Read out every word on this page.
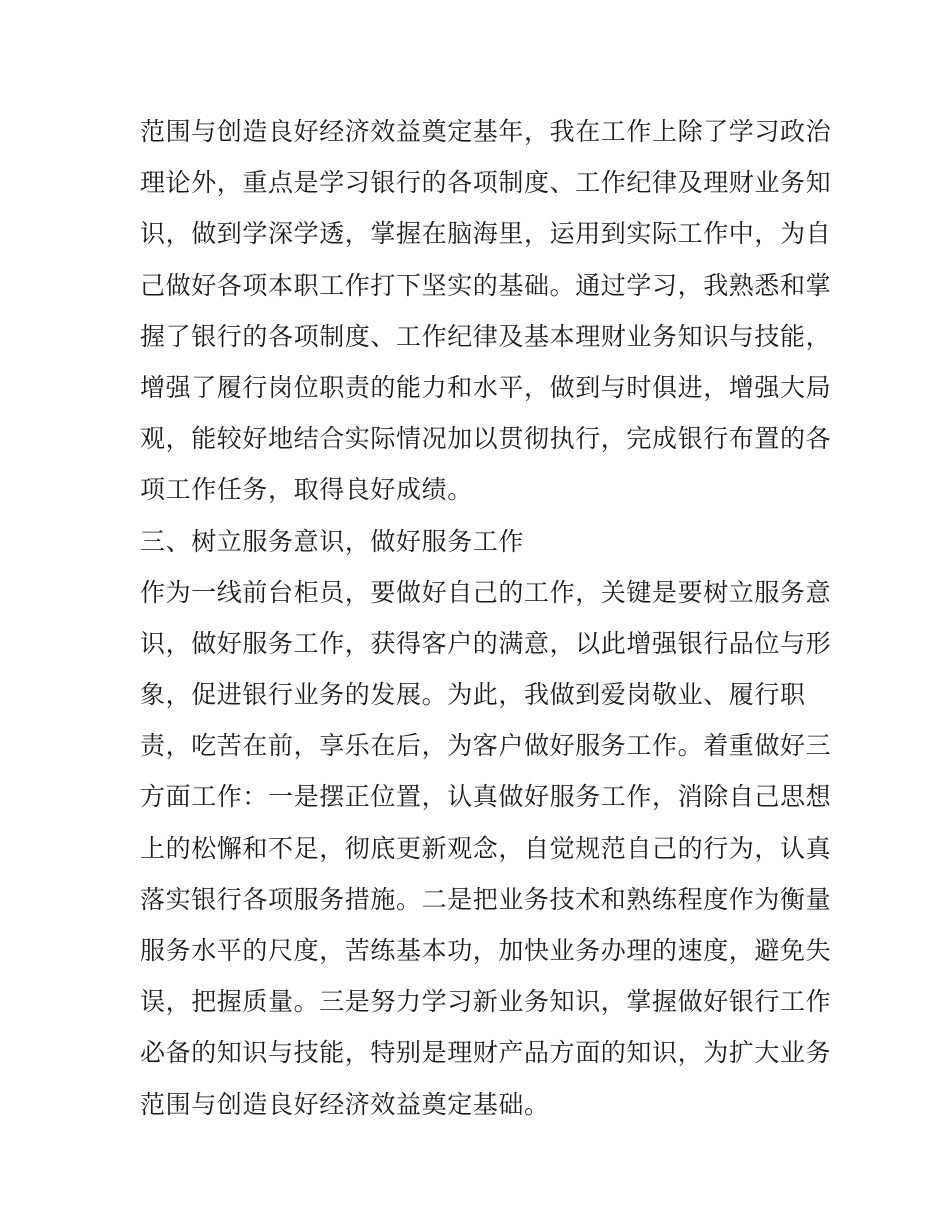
范围与创造良好经济效益奠定基年，我在工作上除了学习政治
理论外，重点是学习银行的各项制度、工作纪律及理财业务知
识，做到学深学透，掌握在脑海里，运用到实际工作中，为自
己做好各项本职工作打下坚实的基础。通过学习，我熟悉和掌
握了银行的各项制度、工作纪律及基本理财业务知识与技能，
增强了履行岗位职责的能力和水平，做到与时俱进，增强大局
观，能较好地结合实际情况加以贯彻执行，完成银行布置的各
项工作任务，取得良好成绩。
三、树立服务意识，做好服务工作
作为一线前台柜员，要做好自己的工作，关键是要树立服务意
识，做好服务工作，获得客户的满意，以此增强银行品位与形
象，促进银行业务的发展。为此，我做到爱岗敬业、履行职
责，吃苦在前，享乐在后，为客户做好服务工作。着重做好三
方面工作：一是摆正位置，认真做好服务工作，消除自己思想
上的松懈和不足，彻底更新观念，自觉规范自己的行为，认真
落实银行各项服务措施。二是把业务技术和熟练程度作为衡量
服务水平的尺度，苦练基本功，加快业务办理的速度，避免失
误，把握质量。三是努力学习新业务知识，掌握做好银行工作
必备的知识与技能，特别是理财产品方面的知识，为扩大业务
范围与创造良好经济效益奠定基础。
